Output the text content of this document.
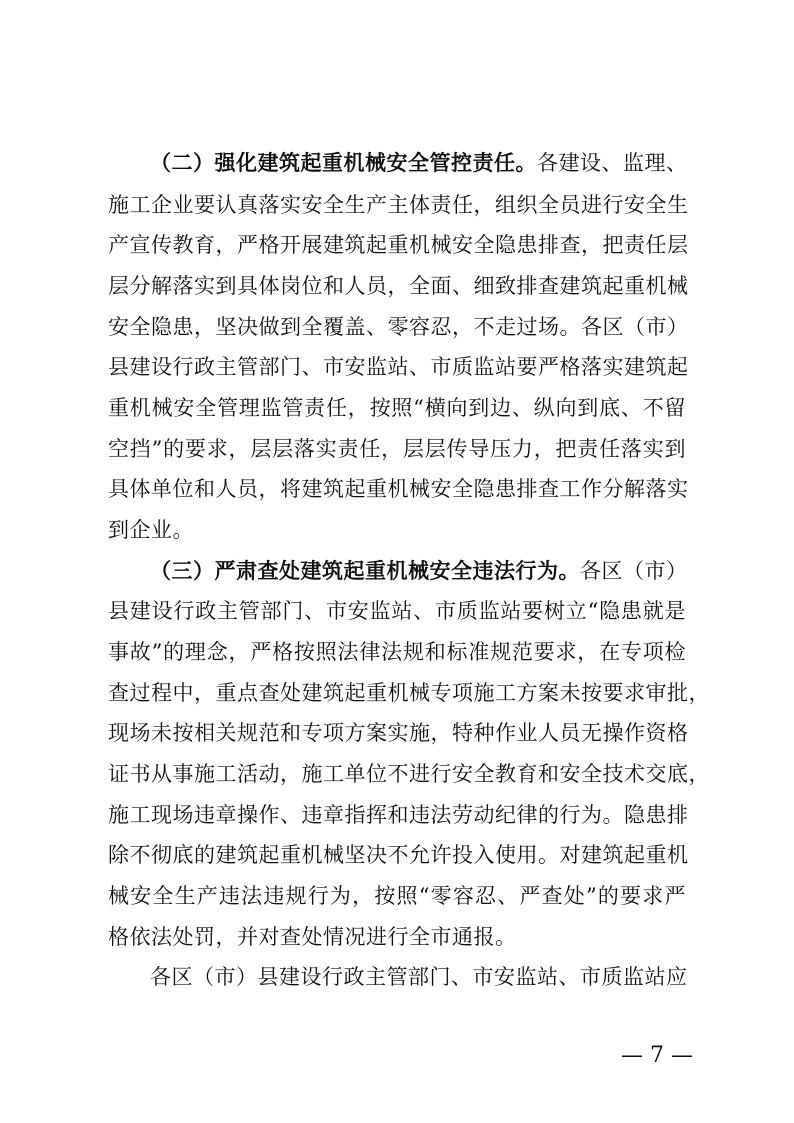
（二）强化建筑起重机械安全管控责任。各建设、监理、
施工企业要认真落实安全生产主体责任，组织全员进行安全生
产宣传教育，严格开展建筑起重机械安全隐患排查，把责任层
层分解落实到具体岗位和人员，全面、细致排查建筑起重机械
安全隐患，坚决做到全覆盖、零容忍，不走过场。各区（市）
县建设行政主管部门、市安监站、市质监站要严格落实建筑起
重机械安全管理监管责任，按照“横向到边、纵向到底、不留
空挡”的要求，层层落实责任，层层传导压力，把责任落实到
具体单位和人员，将建筑起重机械安全隐患排查工作分解落实
到企业。
（三）严肃查处建筑起重机械安全违法行为。各区（市）
县建设行政主管部门、市安监站、市质监站要树立“隐患就是
事故”的理念，严格按照法律法规和标准规范要求，在专项检
查过程中，重点查处建筑起重机械专项施工方案未按要求审批，
现场未按相关规范和专项方案实施，特种作业人员无操作资格
证书从事施工活动，施工单位不进行安全教育和安全技术交底，
施工现场违章操作、违章指挥和违法劳动纪律的行为。隐患排
除不彻底的建筑起重机械坚决不允许投入使用。对建筑起重机
械安全生产违法违规行为，按照“零容忍、严查处”的要求严
格依法处罚，并对查处情况进行全市通报。
各区（市）县建设行政主管部门、市安监站、市质监站应
— 7 —
